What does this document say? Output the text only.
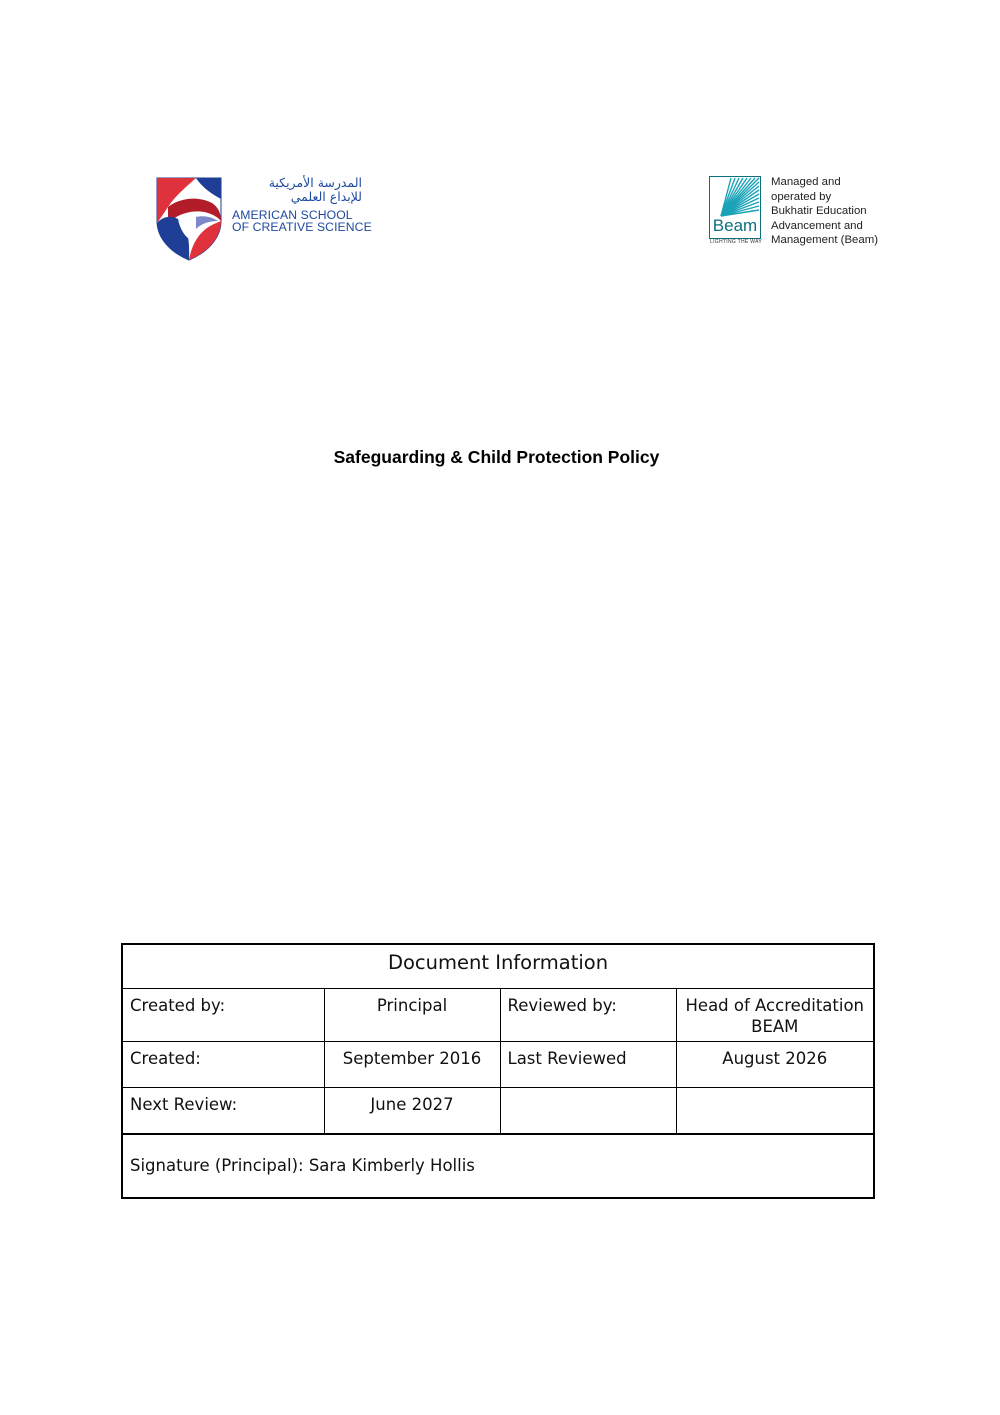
المدرسة الأمريكية
للإبداع العلمي
AMERICAN SCHOOL
OF CREATIVE SCIENCE	Beam
LIGHTING THE WAY
Managed and
operated by
Bukhatir Education
Advancement and
Management (Beam)
Safeguarding & Child Protection Policy
Document Information			
Created by:	Principal	Reviewed by:	Head of Accreditation BEAM
Created:	September 2016	Last Reviewed	August 2026
Next Review:	June 2027		
Signature (Principal): Sara Kimberly Hollis			
